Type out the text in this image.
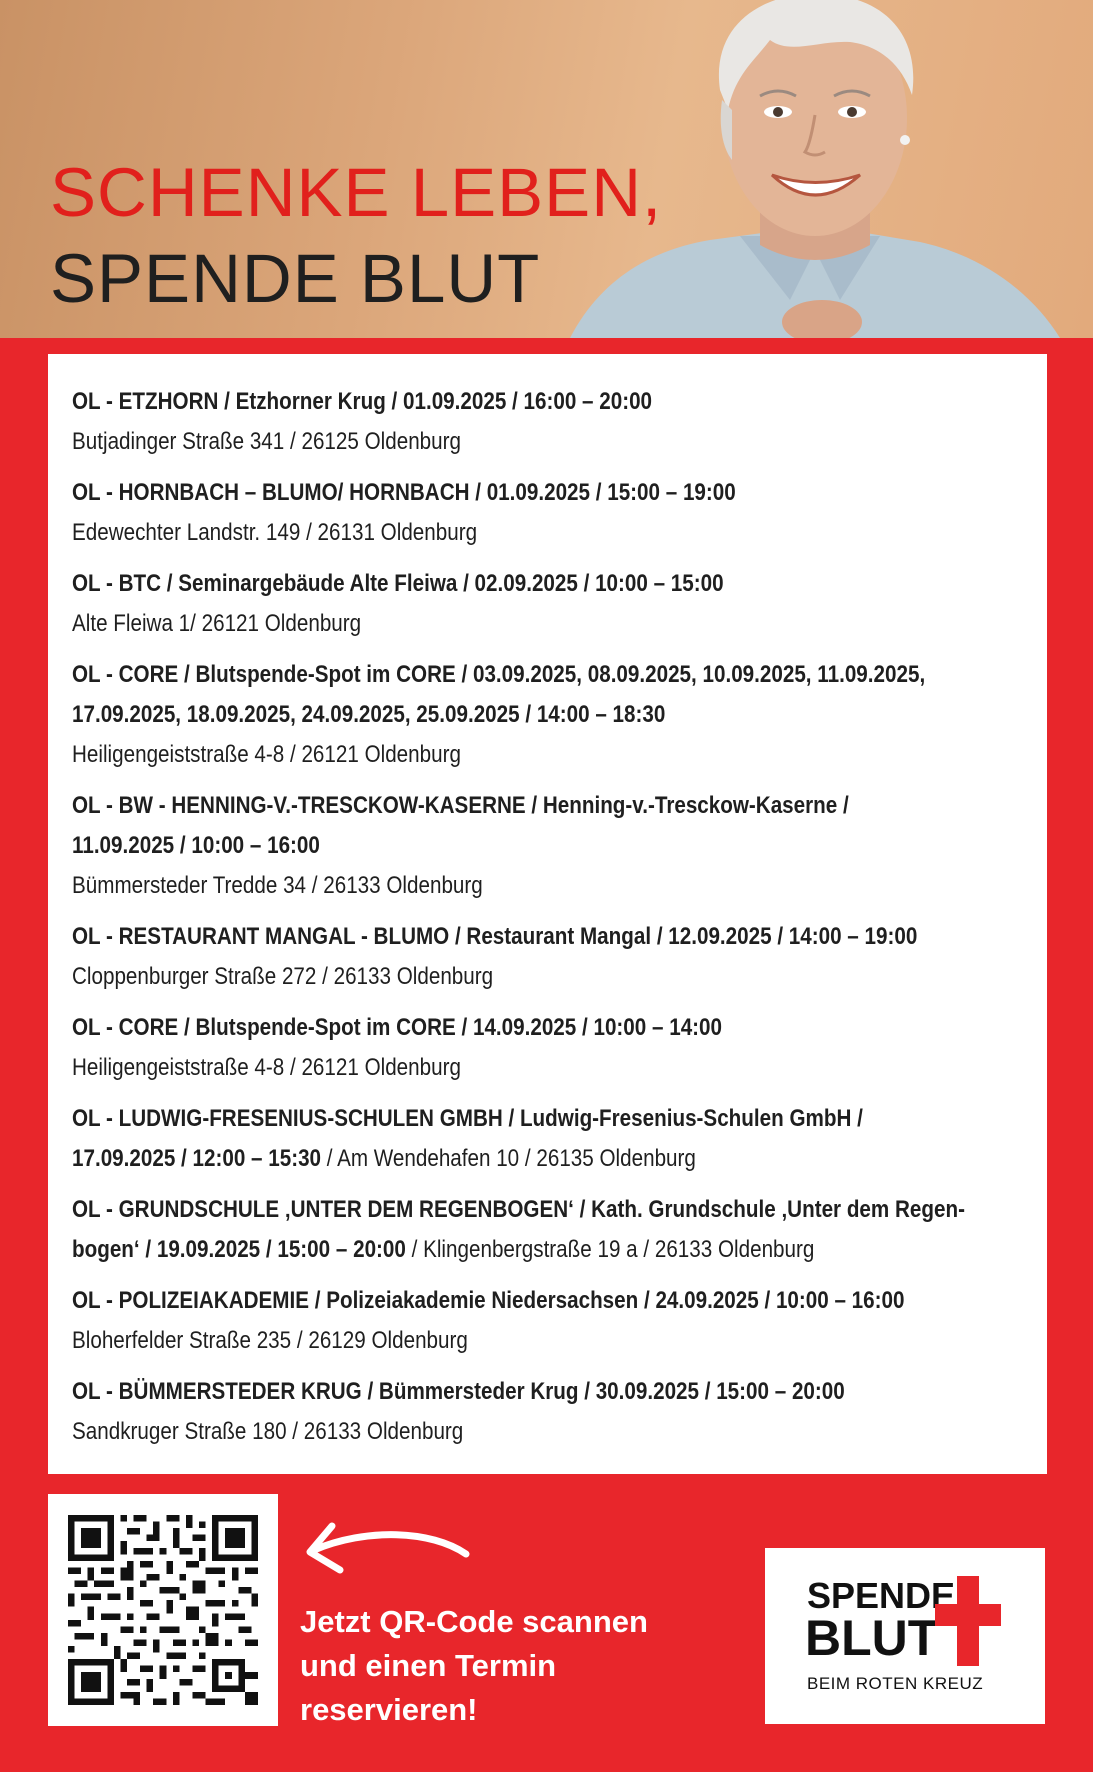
SCHENKE LEBEN,
SPENDE BLUT

OL - ETZHORN / Etzhorner Krug / 01.09.2025 / 16:00 – 20:00

Butjadinger Straße 341 / 26125 Oldenburg

OL - HORNBACH – BLUMO/ HORNBACH / 01.09.2025 / 15:00 – 19:00

Edewechter Landstr. 149 / 26131 Oldenburg

OL - BTC / Seminargebäude Alte Fleiwa / 02.09.2025 / 10:00 – 15:00

Alte Fleiwa 1/ 26121 Oldenburg

OL - CORE / Blutspende-Spot im CORE / 03.09.2025, 08.09.2025, 10.09.2025, 11.09.2025,

17.09.2025, 18.09.2025, 24.09.2025, 25.09.2025 / 14:00 – 18:30

Heiligengeiststraße 4-8 / 26121 Oldenburg

OL - BW - HENNING-V.-TRESCKOW-KASERNE / Henning-v.-Tresckow-Kaserne /

11.09.2025 / 10:00 – 16:00

Bümmersteder Tredde 34 / 26133 Oldenburg

OL - RESTAURANT MANGAL - BLUMO / Restaurant Mangal / 12.09.2025 / 14:00 – 19:00

Cloppenburger Straße 272 / 26133 Oldenburg

OL - CORE / Blutspende-Spot im CORE / 14.09.2025 / 10:00 – 14:00

Heiligengeiststraße 4-8 / 26121 Oldenburg

OL - LUDWIG-FRESENIUS-SCHULEN GMBH / Ludwig-Fresenius-Schulen GmbH /

17.09.2025 / 12:00 – 15:30 / Am Wendehafen 10 / 26135 Oldenburg

OL - GRUNDSCHULE ‚UNTER DEM REGENBOGEN‘ / Kath. Grundschule ‚Unter dem Regen-

bogen‘ / 19.09.2025 / 15:00 – 20:00 / Klingenbergstraße 19 a / 26133 Oldenburg

OL - POLIZEIAKADEMIE / Polizeiakademie Niedersachsen / 24.09.2025 / 10:00 – 16:00

Bloherfelder Straße 235 / 26129 Oldenburg

OL - BÜMMERSTEDER KRUG / Bümmersteder Krug / 30.09.2025 / 15:00 – 20:00

Sandkruger Straße 180 / 26133 Oldenburg

Jetzt QR-Code scannen
und einen Termin
reservieren!
SPENDE
BLUT
BEIM ROTEN KREUZ
